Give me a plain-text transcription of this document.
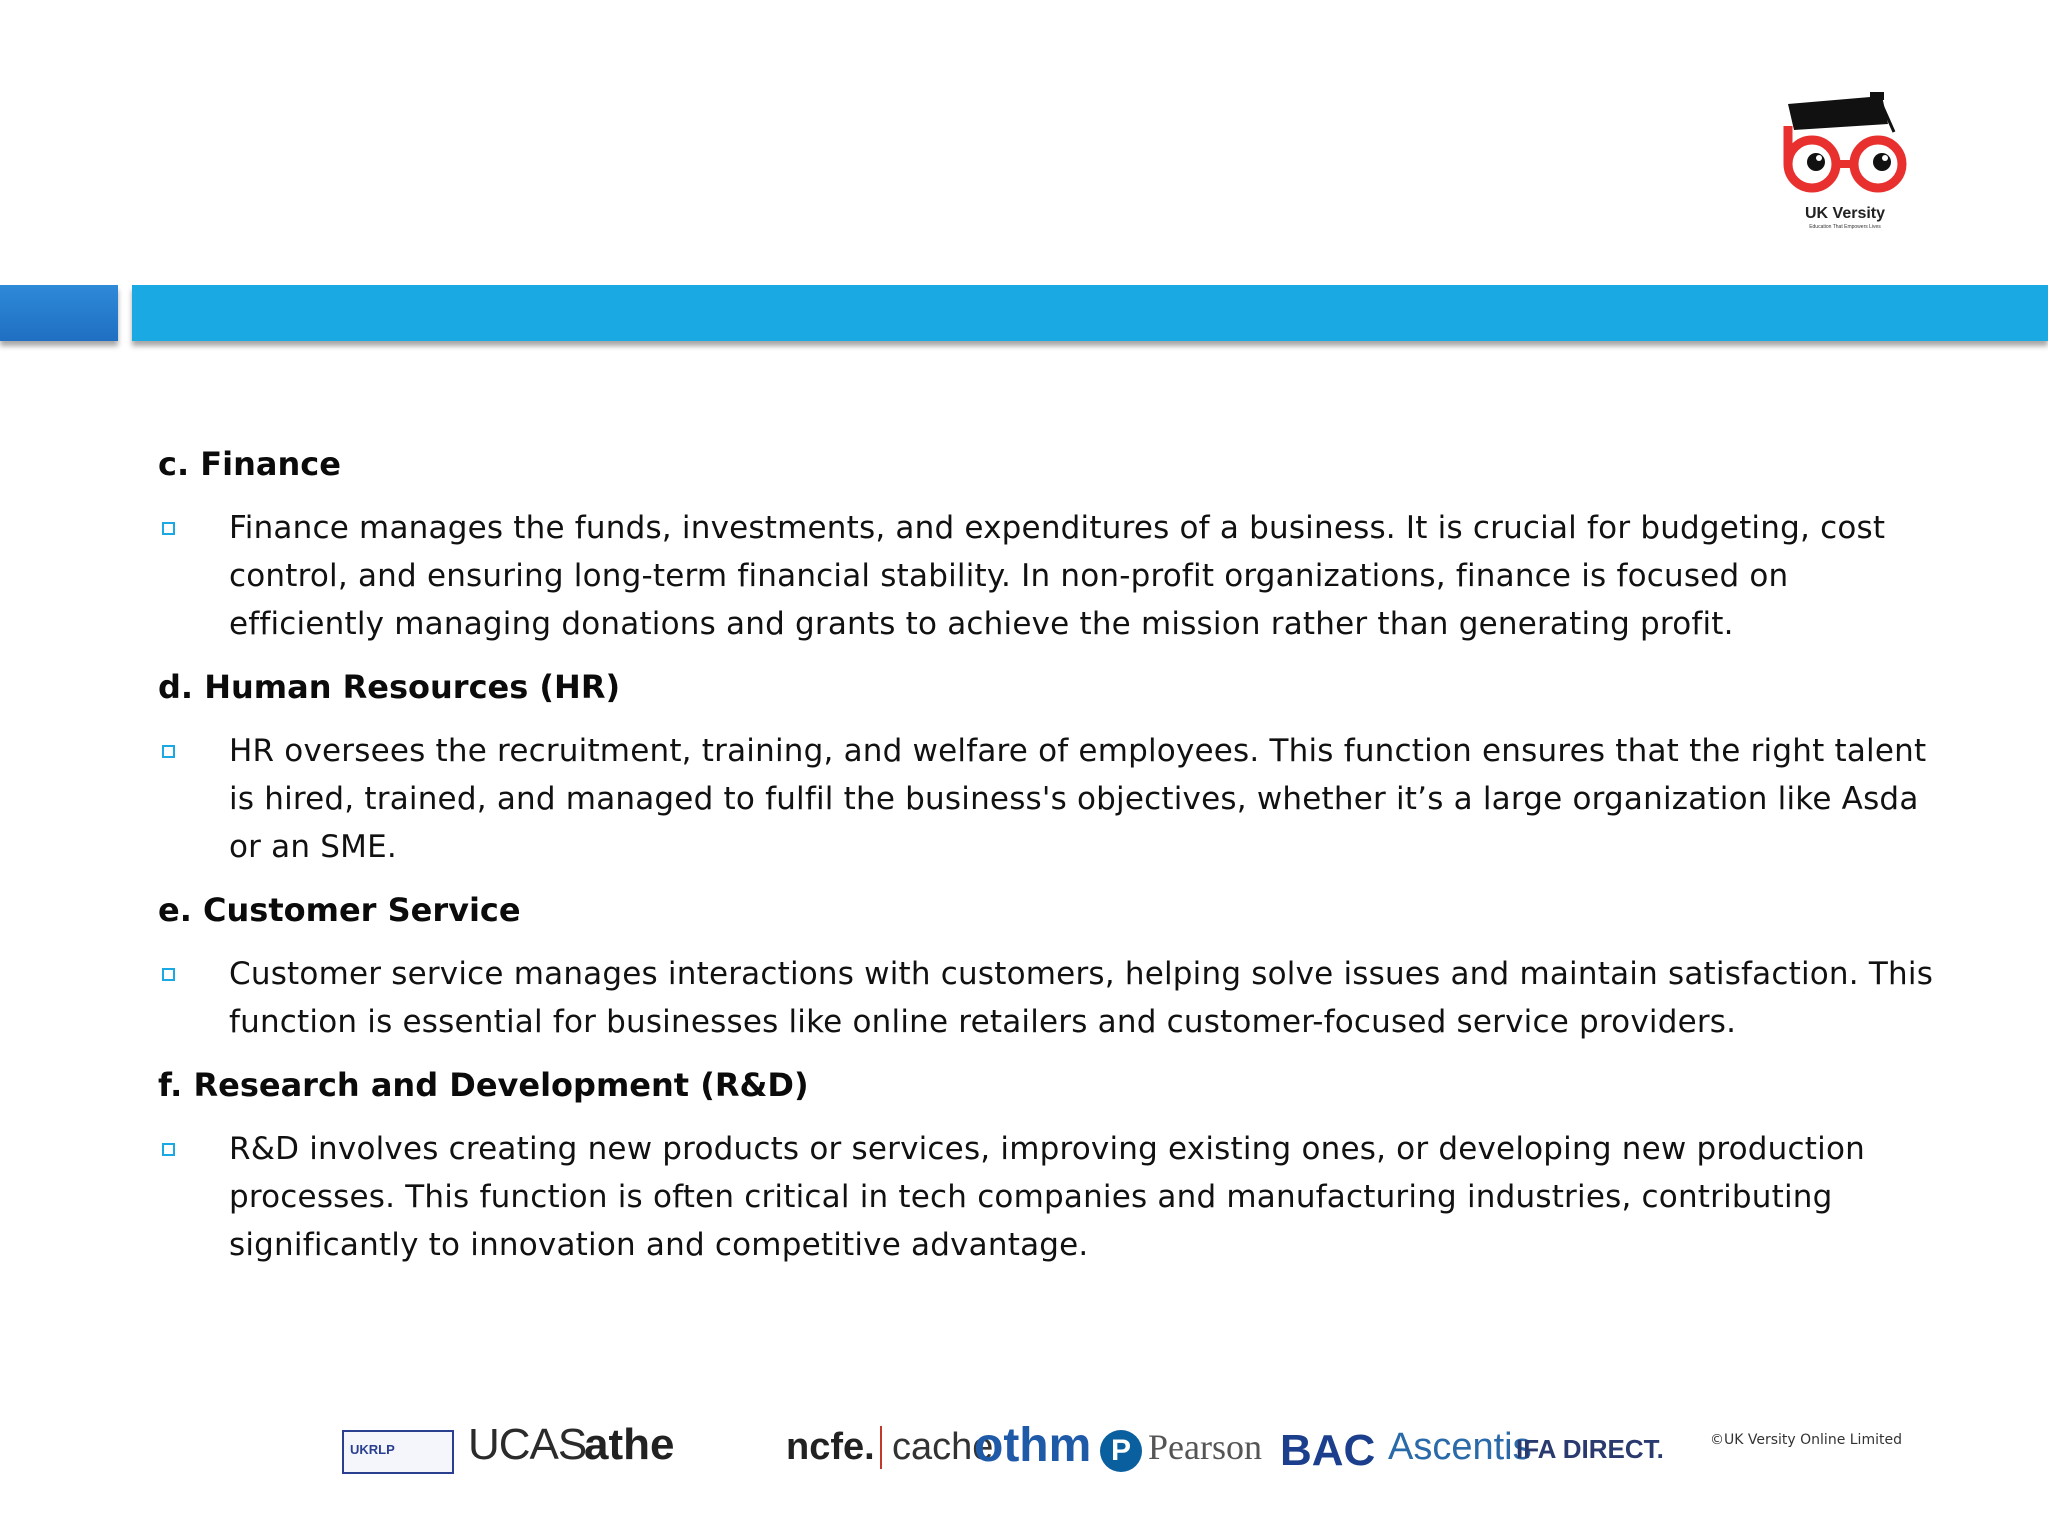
UK Versity
Education That Empowers Lives
c. Finance
Finance manages the funds, investments, and expenditures of a business. It is crucial for budgeting, cost control, and ensuring long-term financial stability. In non-profit organizations, finance is focused on efficiently managing donations and grants to achieve the mission rather than generating profit.
d. Human Resources (HR)
HR oversees the recruitment, training, and welfare of employees. This function ensures that the right talent is hired, trained, and managed to fulfil the business's objectives, whether it’s a large organization like Asda or an SME.
e. Customer Service
Customer service manages interactions with customers, helping solve issues and maintain satisfaction. This function is essential for businesses like online retailers and customer-focused service providers.
f. Research and Development (R&D)
R&D involves creating new products or services, improving existing ones, or developing new production processes. This function is often critical in tech companies and manufacturing industries, contributing significantly to innovation and competitive advantage.
UKRLP UCAS
athe	ncfe. cache
othm P Pearson BAC Ascentis
IFA DIRECT.	©UK Versity Online Limited
